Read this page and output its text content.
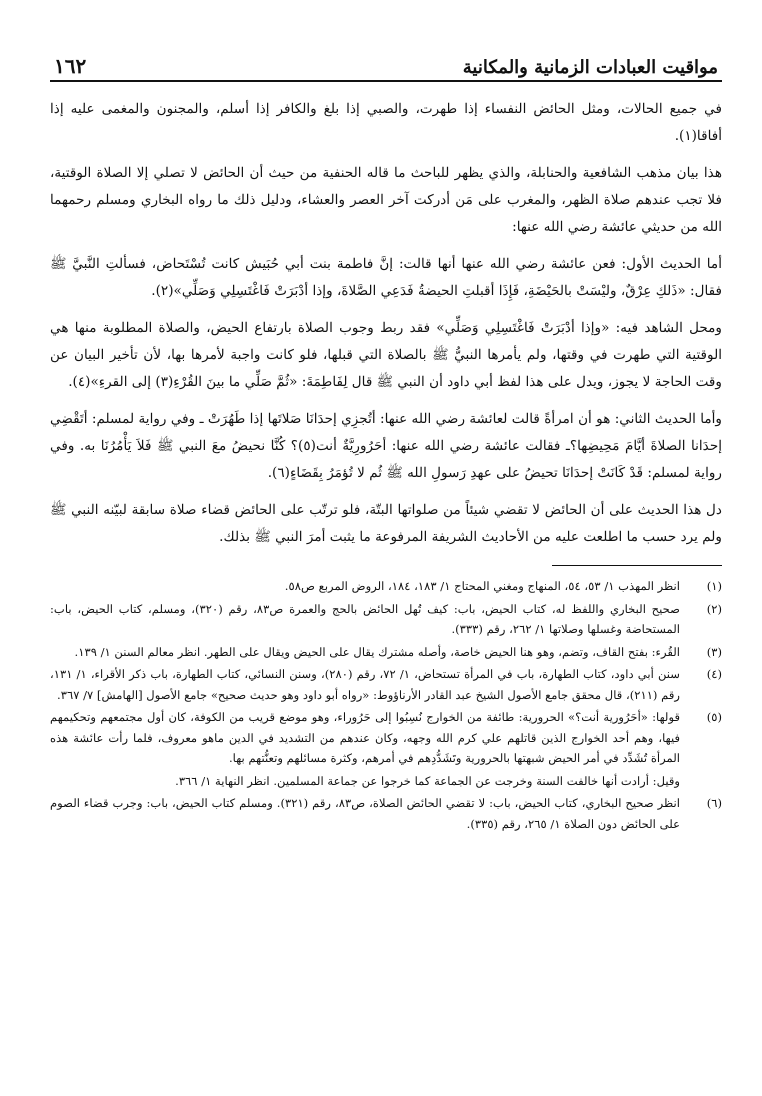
مواقيت العبادات الزمانية والمكانية
١٦٢

في جميع الحالات، ومثل الحائض النفساء إذا طهرت، والصبي إذا بلغ والكافر إذا أسلم، والمجنون والمغمى عليه إذا أفاقا(١).

هذا بيان مذهب الشافعية والحنابلة، والذي يظهر للباحث ما قاله الحنفية من حيث أن الحائض لا تصلي إلا الصلاة الوقتية، فلا تجب عندهم صلاة الظهر، والمغرب على مَن أدركت آخر العصر والعشاء، ودليل ذلك ما رواه البخاري ومسلم رحمهما الله من حديثي عائشة رضي الله عنها:

أما الحديث الأول: فعن عائشة رضي الله عنها أنها قالت: إنَّ فاطمة بنت أبي حُبَيش كانت تُسْتَحاض، فسألتِ النَّبيَّ ﷺ فقال: «ذَلكِ عِرْقٌ، وليْسَتْ بالحَيْضَةِ، فَإِذَا أقبلتِ الحيضةُ فَدَعِي الصَّلاةَ، وإذا أدْبَرَتْ فَاغْتَسِلِي وَصَلِّي»(٢).

ومحل الشاهد فيه: «وإذا أدْبَرَتْ فَاغْتَسِلِي وَصَلِّي» فقد ربط وجوب الصلاة بارتفاع الحيض، والصلاة المطلوبة منها هي الوقتية التي طهرت في وقتها، ولم يأمرها النبيُّ ﷺ بالصلاة التي قبلها، فلو كانت واجبة لأمرها بها، لأن تأخير البيان عن وقت الحاجة لا يجوز، ويدل على هذا لفظ أبي داود أن النبي ﷺ قال لِفَاطِمَةَ: «ثُمَّ صَلِّي ما بينَ القُرْءِ(٣) إلى القرءِ»(٤).

وأما الحديث الثاني: هو أن امرأةً قالت لعائشة رضي الله عنها: أتُجزِي إحدَانَا صَلاتَها إذا طَهُرَتْ ـ وفي رواية لمسلم: أتَقْضِي إحدَانا الصلاةَ أيَّامَ مَحِيضِها؟ـ فقالت عائشة رضي الله عنها: أحَرُورِيَّةٌ أنت(٥)؟ كُنَّا نحيضُ معَ النبي ﷺ فَلاَ يَأْمُرُنَا به. وفي رواية لمسلم: قَدْ كَانَتْ إحدَانَا تحيضُ على عهدِ رَسولِ الله ﷺ ثُم لا تُؤمَرُ بِقَضَاءٍ(٦).

دل هذا الحديث على أن الحائض لا تقضي شيئاً من صلواتها البتّة، فلو ترتّب على الحائض قضاء صلاة سابقة لبيّنه النبي ﷺ ولم يرد حسب ما اطلعت عليه من الأحاديث الشريفة المرفوعة ما يثبت أمرَ النبي ﷺ بذلك.

(١)
انظر المهذب ١/ ٥٣، ٥٤، المنهاج ومغني المحتاج ١/ ١٨٣، ١٨٤، الروض المربع ص٥٨.
(٢)
صحيح البخاري واللفظ له، كتاب الحيض، باب: كيف تُهل الحائض بالحج والعمرة ص٨٣، رقم (٣٢٠)، ومسلم، كتاب الحيض، باب: المستحاضة وغسلها وصلاتها ١/ ٢٦٢، رقم (٣٣٣).
(٣)
القُرء: بفتح القاف، وتضم، وهو هنا الحيض خاصة، وأصله مشترك يقال على الحيض ويقال على الطهر. انظر معالم السنن ١/ ١٣٩.
(٤)
سنن أبي داود، كتاب الطهارة، باب في المرأة تستحاض، ١/ ٧٢، رقم (٢٨٠)، وسنن النسائي، كتاب الطهارة، باب ذكر الأقراء، ١/ ١٣١، رقم (٢١١)، قال محقق جامع الأصول الشيخ عبد القادر الأرناؤوط: «رواه أبو داود وهو حديث صحيح» جامع الأصول [الهامش] ٧/ ٣٦٧.
(٥)
قولها: «أحَرُورية أنت؟» الحرورية: طائفة من الخوارج نُسِبُوا إلى حَرُوراء، وهو موضع قريب من الكوفة، كان أول مجتمعهم وتحكيمهم فيها، وهم أحد الخوارج الذين قاتلهم علي كرم الله وجهه، وكان عندهم من التشديد في الدين ماهو معروف، فلما رأت عائشة هذه المرأة تُشَدِّد في أمر الحيض شبهتها بالحرورية وتَشَدُّدِهم في أمرهم، وكثرة مسائلهم وتعنُّتهم بها.
وقيل: أرادت أنها خالفت السنة وخرجت عن الجماعة كما خرجوا عن جماعة المسلمين. انظر النهاية ١/ ٣٦٦.
(٦)
انظر صحيح البخاري، كتاب الحيض، باب: لا تقضي الحائض الصلاة، ص٨٣، رقم (٣٢١). ومسلم كتاب الحيض، باب: وجرب قضاء الصوم على الحائض دون الصلاة ١/ ٢٦٥، رقم (٣٣٥).
